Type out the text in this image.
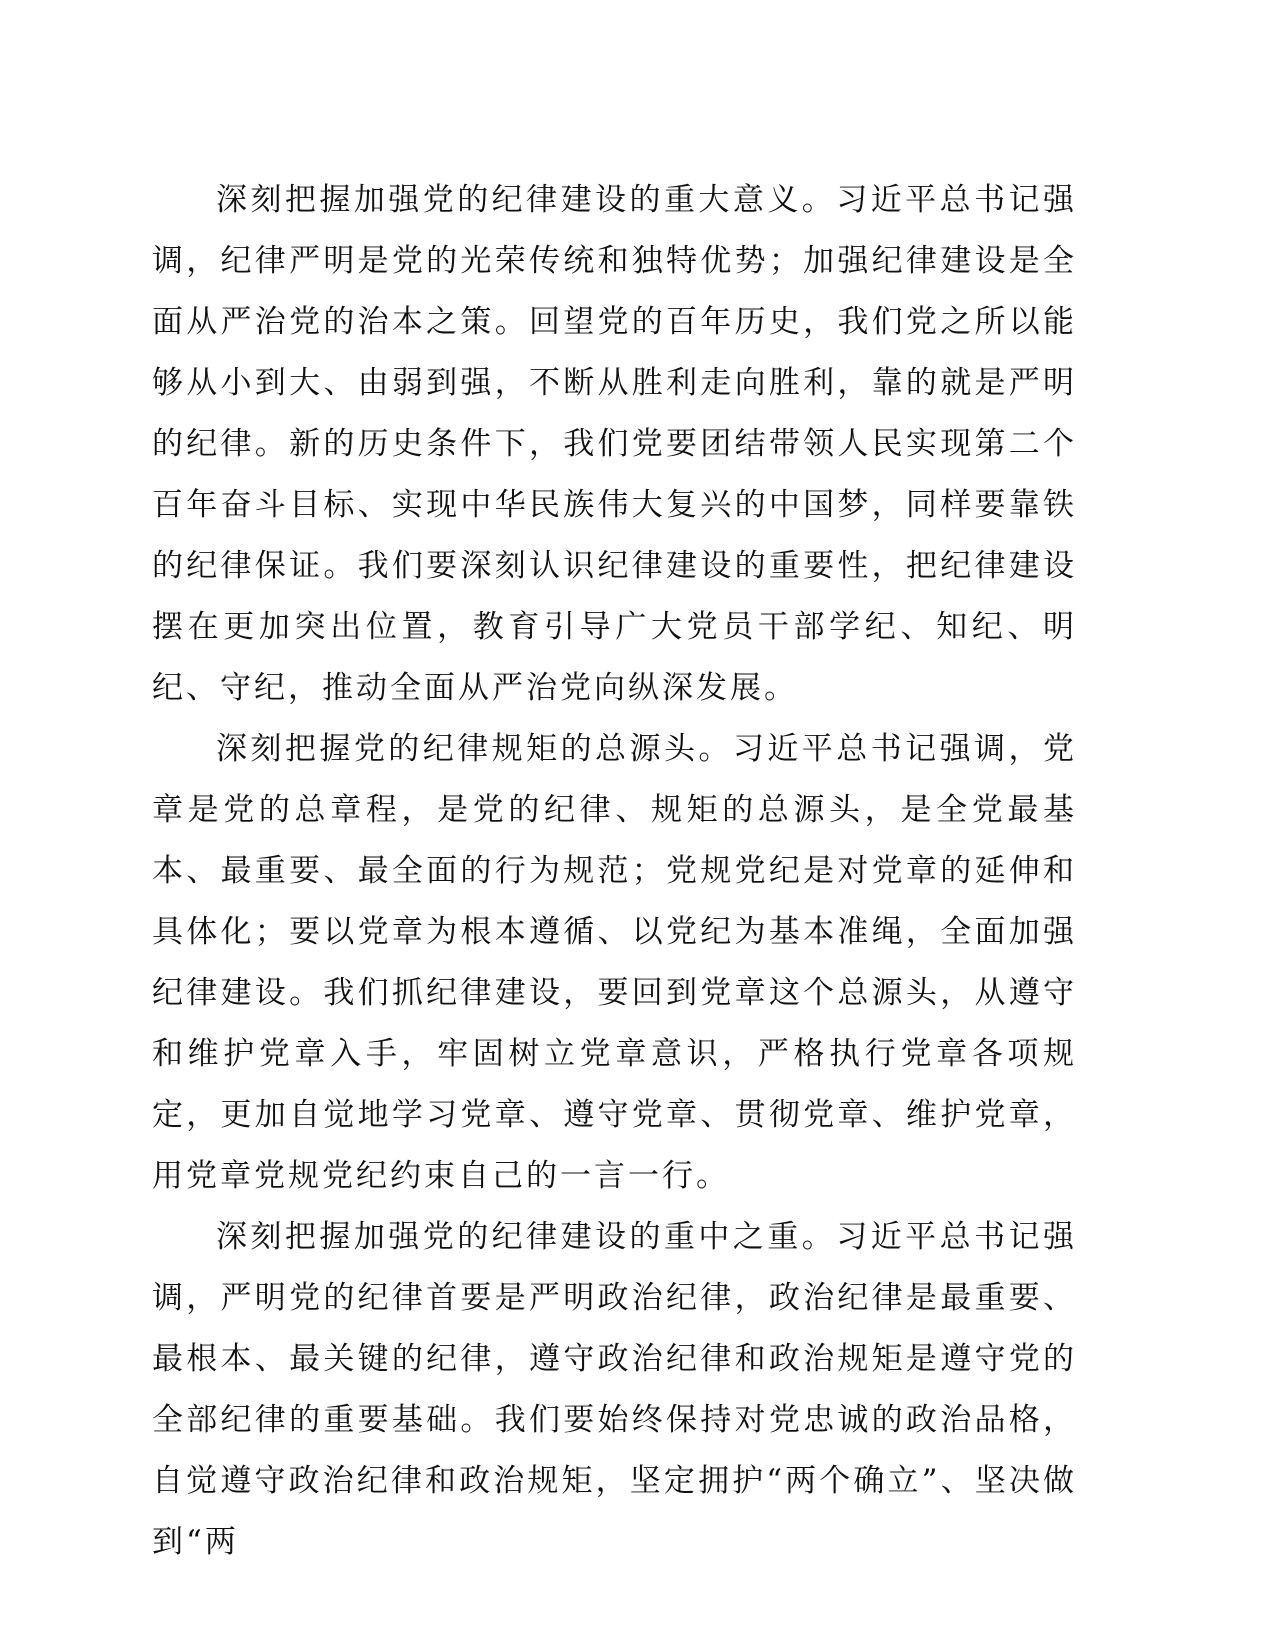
深刻把握加强党的纪律建设的重大意义。习近平总书记强调，纪律严明是党的光荣传统和独特优势；加强纪律建设是全面从严治党的治本之策。回望党的百年历史，我们党之所以能够从小到大、由弱到强，不断从胜利走向胜利，靠的就是严明的纪律。新的历史条件下，我们党要团结带领人民实现第二个百年奋斗目标、实现中华民族伟大复兴的中国梦，同样要靠铁的纪律保证。我们要深刻认识纪律建设的重要性，把纪律建设摆在更加突出位置，教育引导广大党员干部学纪、知纪、明纪、守纪，推动全面从严治党向纵深发展。

深刻把握党的纪律规矩的总源头。习近平总书记强调，党章是党的总章程，是党的纪律、规矩的总源头，是全党最基本、最重要、最全面的行为规范；党规党纪是对党章的延伸和具体化；要以党章为根本遵循、以党纪为基本准绳，全面加强纪律建设。我们抓纪律建设，要回到党章这个总源头，从遵守和维护党章入手，牢固树立党章意识，严格执行党章各项规定，更加自觉地学习党章、遵守党章、贯彻党章、维护党章，用党章党规党纪约束自己的一言一行。

深刻把握加强党的纪律建设的重中之重。习近平总书记强调，严明党的纪律首要是严明政治纪律，政治纪律是最重要、最根本、最关键的纪律，遵守政治纪律和政治规矩是遵守党的全部纪律的重要基础。我们要始终保持对党忠诚的政治品格，自觉遵守政治纪律和政治规矩，坚定拥护“两个确立”、坚决做到“两
